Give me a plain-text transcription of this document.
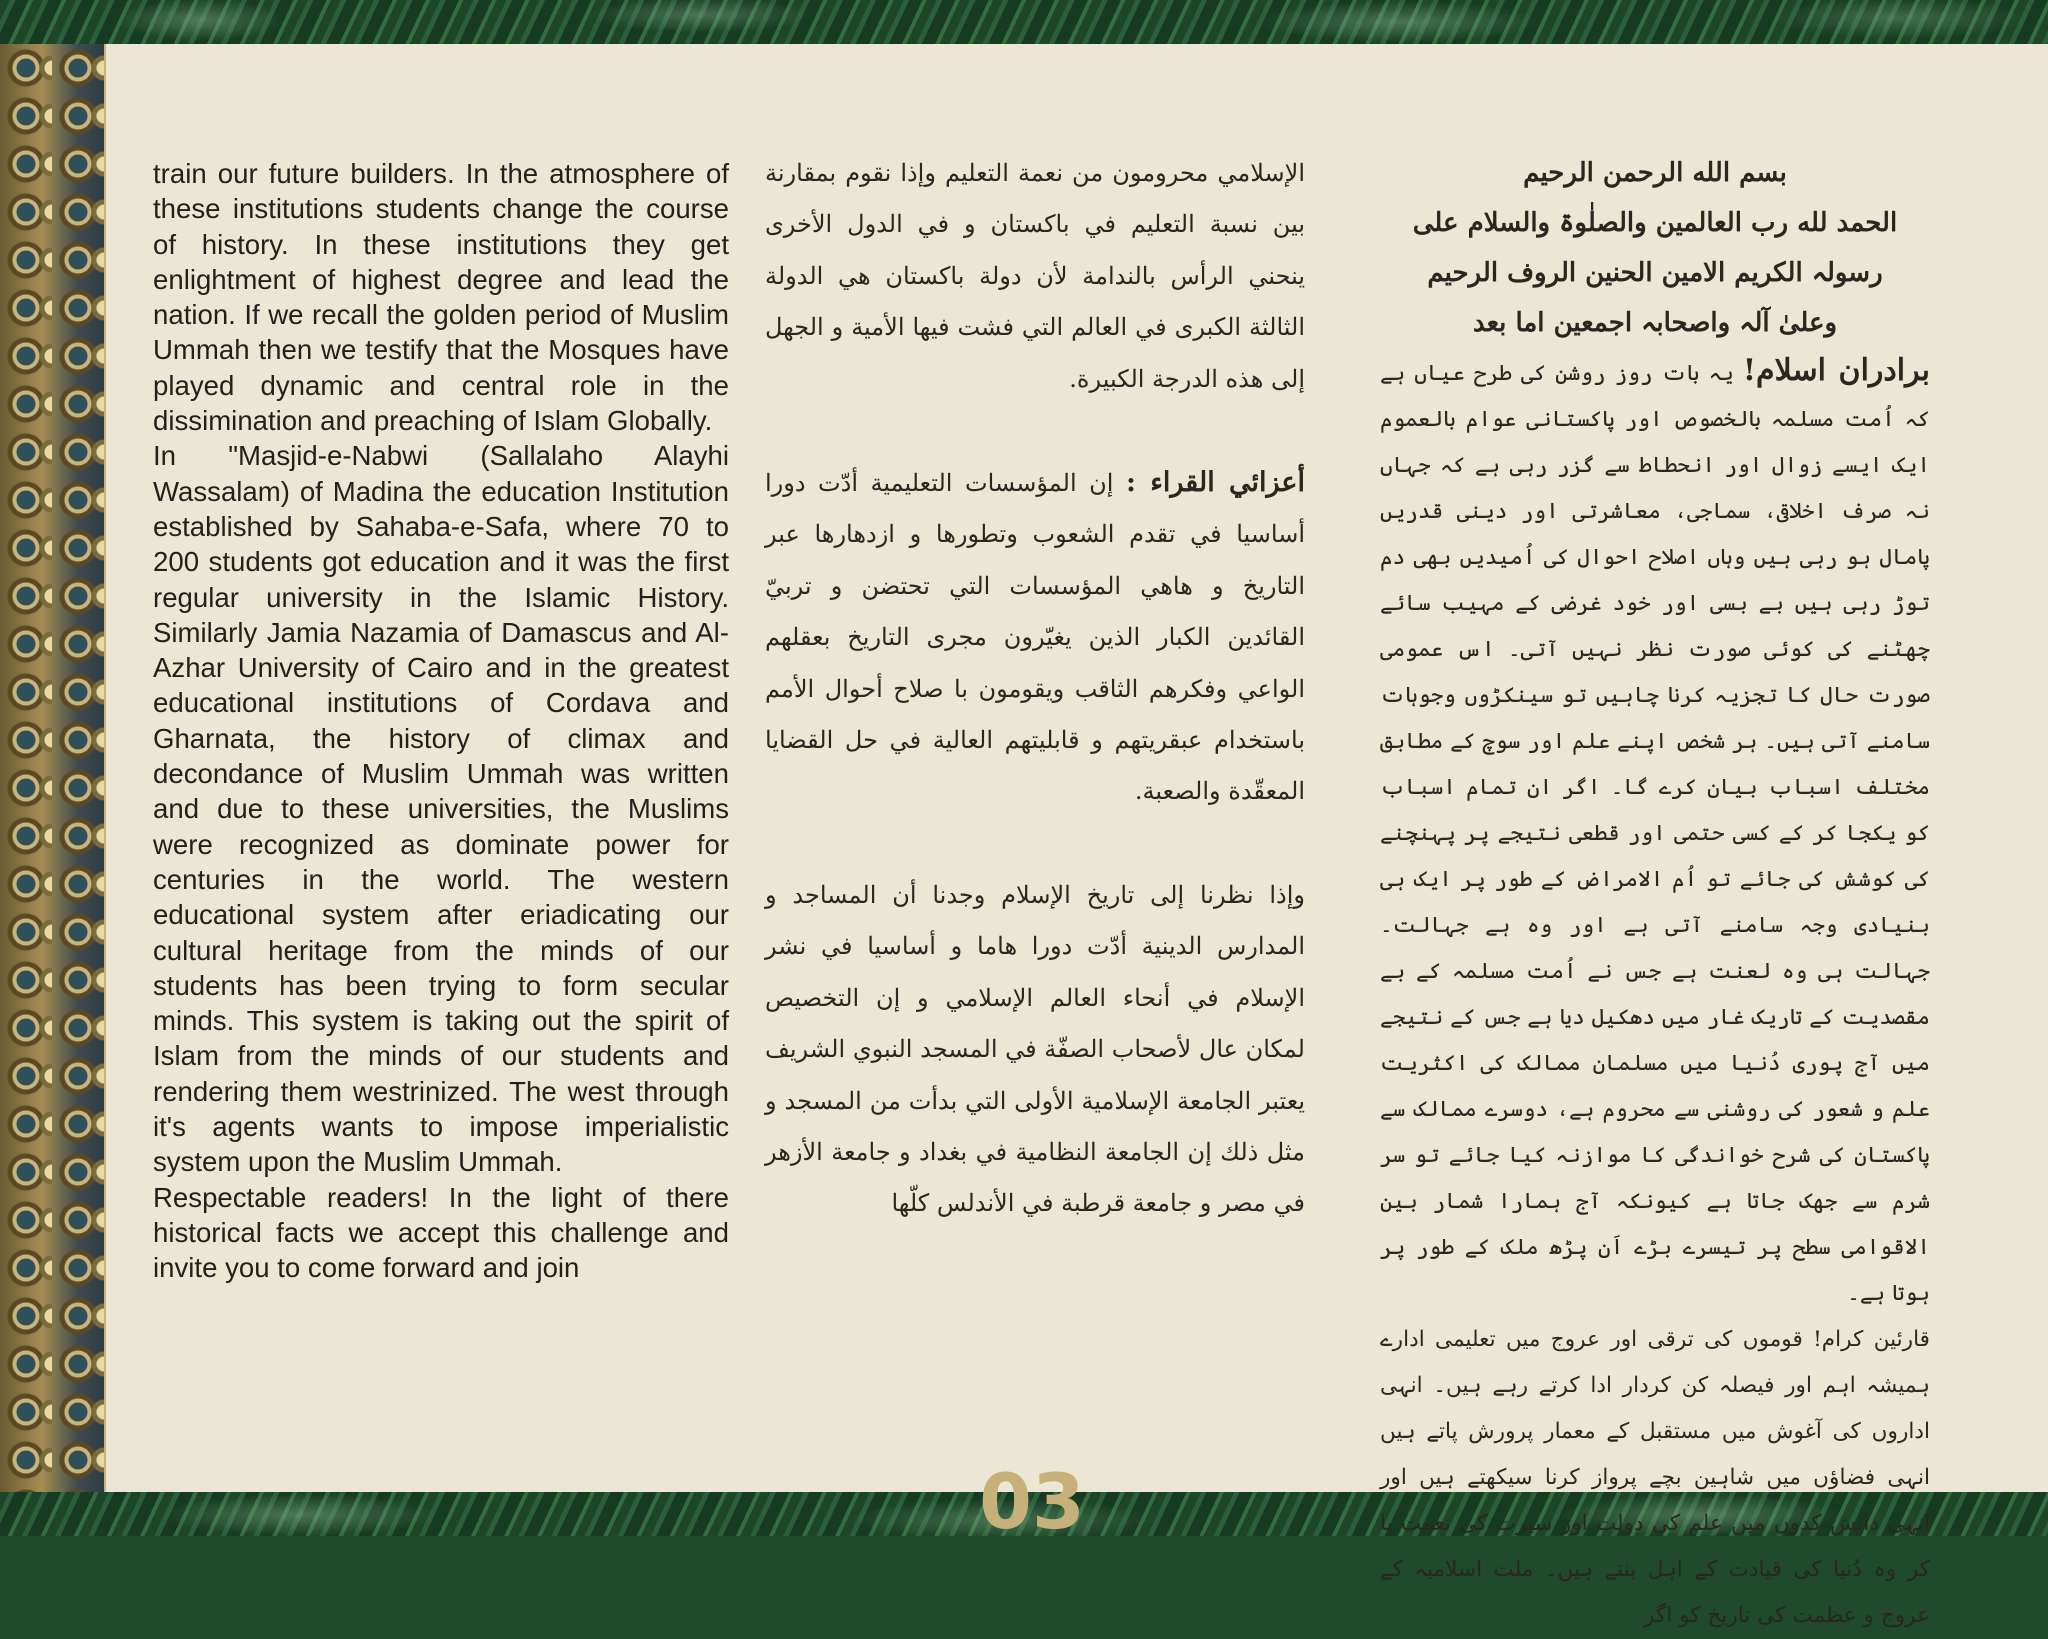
train our future builders. In the atmosphere of these institutions students change the course of history. In these institutions they get enlightment of highest degree and lead the nation. If we recall the golden period of Muslim Ummah then we testify that the Mosques have played dynamic and central role in the dissimination and preaching of Islam Globally.

In "Masjid-e-Nabwi (Sallalaho Alayhi Wassalam) of Madina the education Institution established by Sahaba-e-Safa, where 70 to 200 students got education and it was the first regular university in the Islamic History. Similarly Jamia Nazamia of Damascus and Al-Azhar University of Cairo and in the greatest educational institutions of Cordava and Gharnata, the history of climax and decondance of Muslim Ummah was written and due to these universities, the Muslims were recognized as dominate power for centuries in the world. The western educational system after eriadicating our cultural heritage from the minds of our students has been trying to form secular minds. This system is taking out the spirit of Islam from the minds of our students and rendering them westrinized. The west through it's agents wants to impose imperialistic system upon the Muslim Ummah.

Respectable readers! In the light of there historical facts we accept this challenge and invite you to come forward and join

الإسلامي محرومون من نعمة التعليم وإذا نقوم بمقارنة بين نسبة التعليم في باكستان و في الدول الأخرى ينحني الرأس بالندامة لأن دولة باكستان هي الدولة الثالثة الكبرى في العالم التي فشت فيها الأمية و الجهل إلى هذه الدرجة الكبيرة.

أعزائي القراء : إن المؤسسات التعليمية أدّت دورا أساسيا في تقدم الشعوب وتطورها و ازدهارها عبر التاريخ و هاهي المؤسسات التي تحتضن و تربيّ القائدين الكبار الذين يغيّرون مجرى التاريخ بعقلهم الواعي وفكرهم الثاقب ويقومون با صلاح أحوال الأمم باستخدام عبقريتهم و قابليتهم العالية في حل القضايا المعقّدة والصعبة.

وإذا نظرنا إلى تاريخ الإسلام وجدنا أن المساجد و المدارس الدينية أدّت دورا هاما و أساسيا في نشر الإسلام في أنحاء العالم الإسلامي و إن التخصيص لمكان عال لأصحاب الصفّة في المسجد النبوي الشريف يعتبر الجامعة الإسلامية الأولى التي بدأت من المسجد و مثل ذلك إن الجامعة النظامية في بغداد و جامعة الأزهر في مصر و جامعة قرطبة في الأندلس كلّها

بسم الله الرحمن الرحيم

الحمد لله رب العالمین والصلٰوۃ والسلام علی

رسولہ الکریم الامین الحنین الروف الرحیم

وعلیٰ آلہ واصحابہ اجمعین اما بعد

برادران اسلام! یہ بات روز روشن کی طرح عیاں ہے کہ اُمت مسلمہ بالخصوص اور پاکستانی عوام بالعموم ایک ایسے زوال اور انحطاط سے گزر رہی ہے کہ جہاں نہ صرف اخلاقی، سماجی، معاشرتی اور دینی قدریں پامال ہو رہی ہیں وہاں اصلاح احوال کی اُمیدیں بھی دم توڑ رہی ہیں بے بسی اور خود غرضی کے مہیب سائے چھٹنے کی کوئی صورت نظر نہیں آتی۔ اس عمومی صورت حال کا تجزیہ کرنا چاہیں تو سینکڑوں وجوہات سامنے آتی ہیں۔ ہر شخص اپنے علم اور سوچ کے مطابق مختلف اسباب بیان کرے گا۔ اگر ان تمام اسباب کو یکجا کر کے کسی حتمی اور قطعی نتیجے پر پہنچنے کی کوشش کی جائے تو اُم الامراض کے طور پر ایک ہی بنیادی وجہ سامنے آتی ہے اور وہ ہے جہالت۔ جہالت ہی وہ لعنت ہے جس نے اُمت مسلمہ کے بے مقصدیت کے تاریک غار میں دھکیل دیا ہے جس کے نتیجے میں آج پوری دُنیا میں مسلمان ممالک کی اکثریت علم و شعور کی روشنی سے محروم ہے، دوسرے ممالک سے پاکستان کی شرح خواندگی کا موازنہ کیا جائے تو سر شرم سے جھک جاتا ہے کیونکہ آج ہمارا شمار بین الاقوامی سطح پر تیسرے بڑے اَن پڑھ ملک کے طور پر ہوتا ہے۔

قارئین کرام! قوموں کی ترقی اور عروج میں تعلیمی ادارے ہمیشہ اہم اور فیصلہ کن کردار ادا کرتے رہے ہیں۔ انہی اداروں کی آغوش میں مستقبل کے معمار پرورش پاتے ہیں انہی فضاؤں میں شاہین بچے پرواز کرنا سیکھتے ہیں اور انہی دانش کدوں میں علم کی دولت اور سیرت کی نعمت پا کر وہ دُنیا کی قیادت کے اہل بنتے ہیں۔ ملت اسلامیہ کے عروج و عظمت کی تاریخ کو اگر

03
